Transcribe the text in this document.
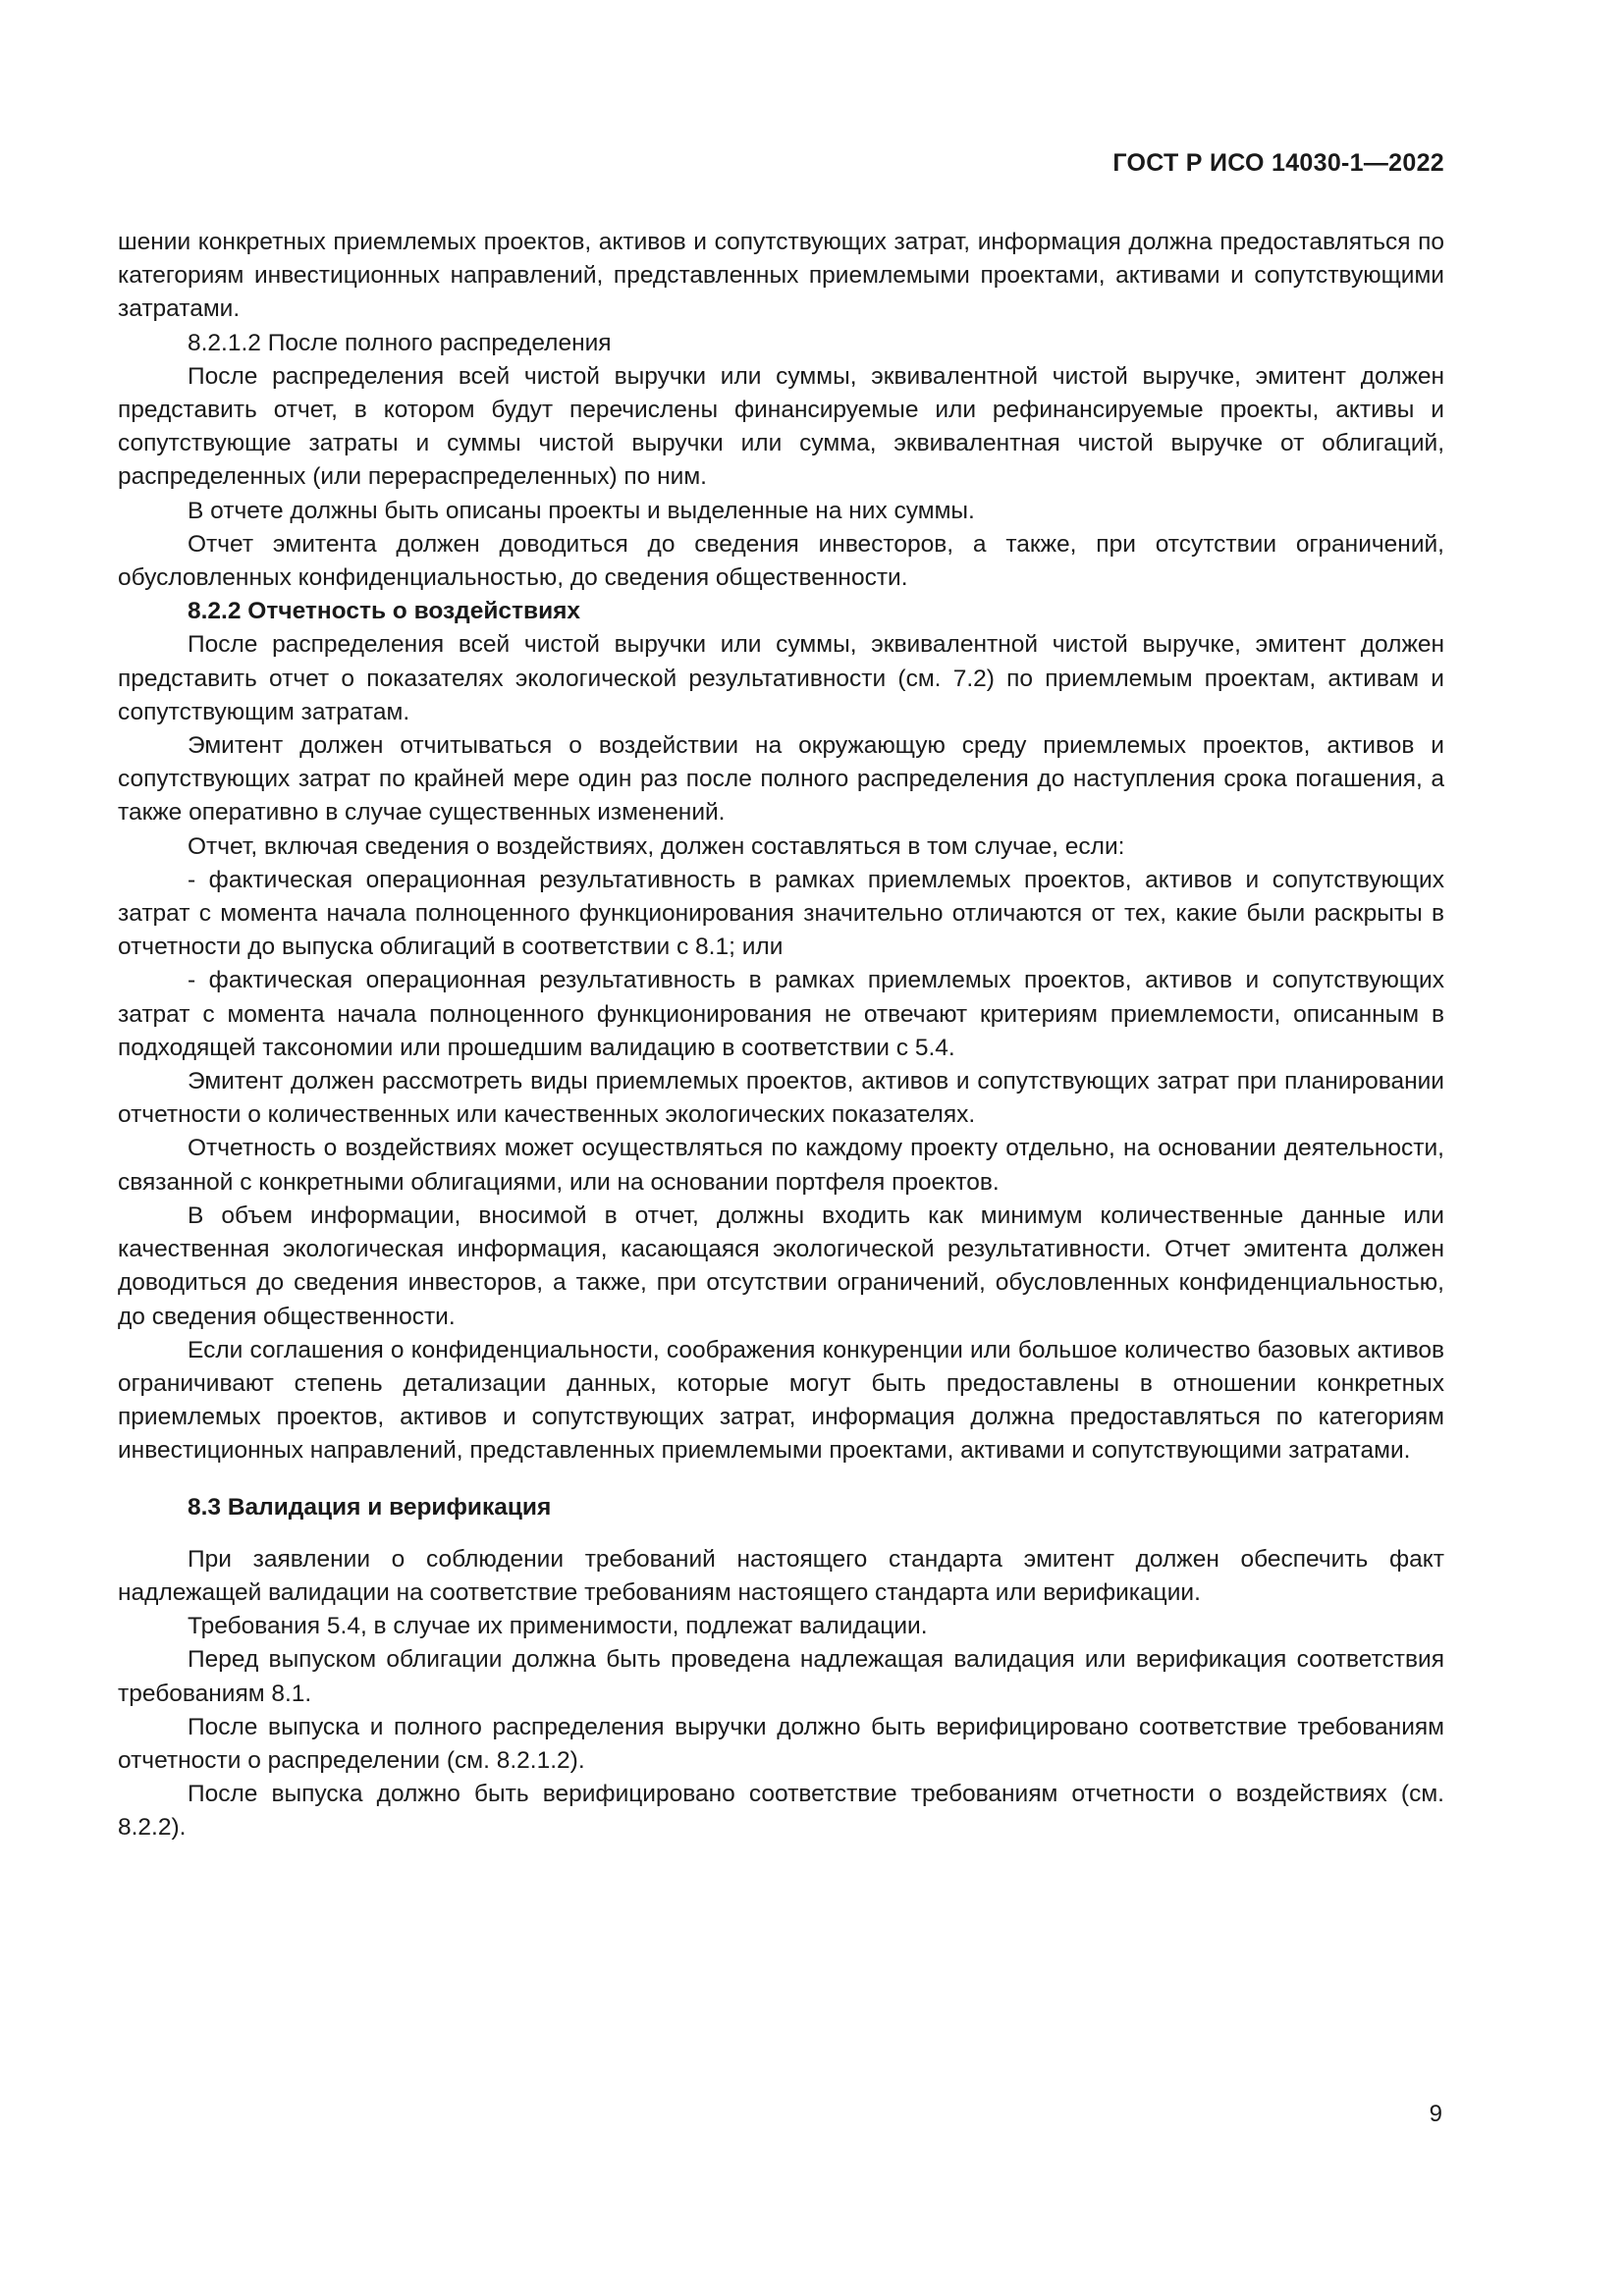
ГОСТ Р ИСО 14030-1—2022

шении конкретных приемлемых проектов, активов и сопутствующих затрат, информация должна предоставляться по категориям инвестиционных направлений, представленных приемлемыми проектами, активами и сопутствующими затратами.

8.2.1.2 После полного распределения

После распределения всей чистой выручки или суммы, эквивалентной чистой выручке, эмитент должен представить отчет, в котором будут перечислены финансируемые или рефинансируемые проекты, активы и сопутствующие затраты и суммы чистой выручки или сумма, эквивалентная чистой выручке от облигаций, распределенных (или перераспределенных) по ним.

В отчете должны быть описаны проекты и выделенные на них суммы.

Отчет эмитента должен доводиться до сведения инвесторов, а также, при отсутствии ограничений, обусловленных конфиденциальностью, до сведения общественности.

8.2.2 Отчетность о воздействиях

После распределения всей чистой выручки или суммы, эквивалентной чистой выручке, эмитент должен представить отчет о показателях экологической результативности (см. 7.2) по приемлемым проектам, активам и сопутствующим затратам.

Эмитент должен отчитываться о воздействии на окружающую среду приемлемых проектов, активов и сопутствующих затрат по крайней мере один раз после полного распределения до наступления срока погашения, а также оперативно в случае существенных изменений.

Отчет, включая сведения о воздействиях, должен составляться в том случае, если:

- фактическая операционная результативность в рамках приемлемых проектов, активов и сопутствующих затрат с момента начала полноценного функционирования значительно отличаются от тех, какие были раскрыты в отчетности до выпуска облигаций в соответствии с 8.1; или

- фактическая операционная результативность в рамках приемлемых проектов, активов и сопутствующих затрат с момента начала полноценного функционирования не отвечают критериям приемлемости, описанным в подходящей таксономии или прошедшим валидацию в соответствии с 5.4.

Эмитент должен рассмотреть виды приемлемых проектов, активов и сопутствующих затрат при планировании отчетности о количественных или качественных экологических показателях.

Отчетность о воздействиях может осуществляться по каждому проекту отдельно, на основании деятельности, связанной с конкретными облигациями, или на основании портфеля проектов.

В объем информации, вносимой в отчет, должны входить как минимум количественные данные или качественная экологическая информация, касающаяся экологической результативности. Отчет эмитента должен доводиться до сведения инвесторов, а также, при отсутствии ограничений, обусловленных конфиденциальностью, до сведения общественности.

Если соглашения о конфиденциальности, соображения конкуренции или большое количество базовых активов ограничивают степень детализации данных, которые могут быть предоставлены в отношении конкретных приемлемых проектов, активов и сопутствующих затрат, информация должна предоставляться по категориям инвестиционных направлений, представленных приемлемыми проектами, активами и сопутствующими затратами.

8.3 Валидация и верификация

При заявлении о соблюдении требований настоящего стандарта эмитент должен обеспечить факт надлежащей валидации на соответствие требованиям настоящего стандарта или верификации.

Требования 5.4, в случае их применимости, подлежат валидации.

Перед выпуском облигации должна быть проведена надлежащая валидация или верификация соответствия требованиям 8.1.

После выпуска и полного распределения выручки должно быть верифицировано соответствие требованиям отчетности о распределении (см. 8.2.1.2).

После выпуска должно быть верифицировано соответствие требованиям отчетности о воздействиях (см. 8.2.2).

9
